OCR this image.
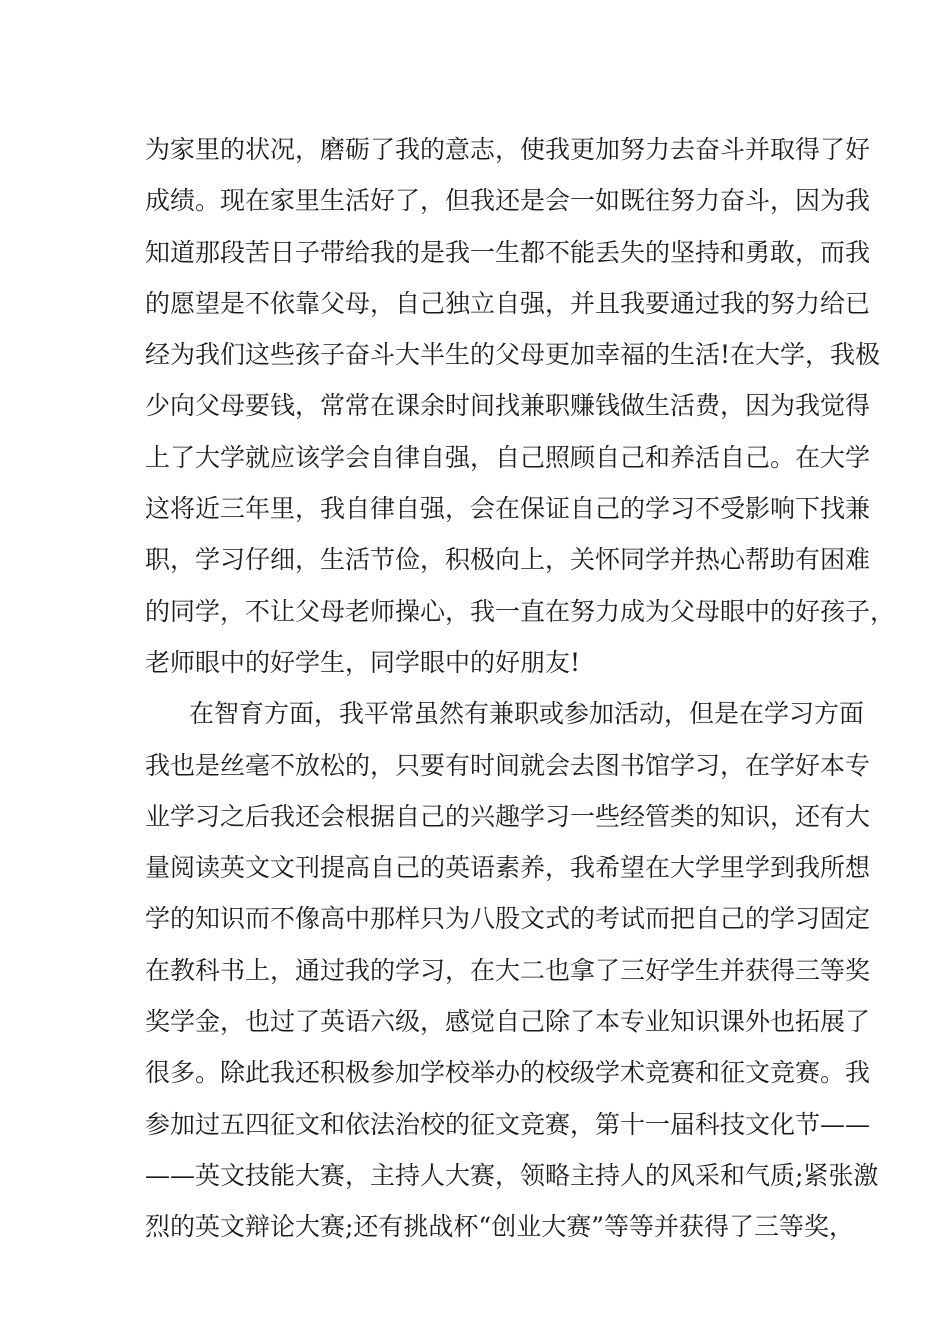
为家里的状况，磨砺了我的意志，使我更加努力去奋斗并取得了好
成绩。现在家里生活好了，但我还是会一如既往努力奋斗，因为我
知道那段苦日子带给我的是我一生都不能丢失的坚持和勇敢，而我
的愿望是不依靠父母，自己独立自强，并且我要通过我的努力给已
经为我们这些孩子奋斗大半生的父母更加幸福的生活!在大学，我极
少向父母要钱，常常在课余时间找兼职赚钱做生活费，因为我觉得
上了大学就应该学会自律自强，自己照顾自己和养活自己。在大学
这将近三年里，我自律自强，会在保证自己的学习不受影响下找兼
职，学习仔细，生活节俭，积极向上，关怀同学并热心帮助有困难
的同学，不让父母老师操心，我一直在努力成为父母眼中的好孩子，
老师眼中的好学生，同学眼中的好朋友!
在智育方面，我平常虽然有兼职或参加活动，但是在学习方面
我也是丝毫不放松的，只要有时间就会去图书馆学习，在学好本专
业学习之后我还会根据自己的兴趣学习一些经管类的知识，还有大
量阅读英文文刊提高自己的英语素养，我希望在大学里学到我所想
学的知识而不像高中那样只为八股文式的考试而把自己的学习固定
在教科书上，通过我的学习，在大二也拿了三好学生并获得三等奖
奖学金，也过了英语六级，感觉自己除了本专业知识课外也拓展了
很多。除此我还积极参加学校举办的校级学术竞赛和征文竞赛。我
参加过五四征文和依法治校的征文竞赛，第十一届科技文化节——
——英文技能大赛，主持人大赛，领略主持人的风采和气质;紧张激
烈的英文辩论大赛;还有挑战杯“创业大赛”等等并获得了三等奖，
